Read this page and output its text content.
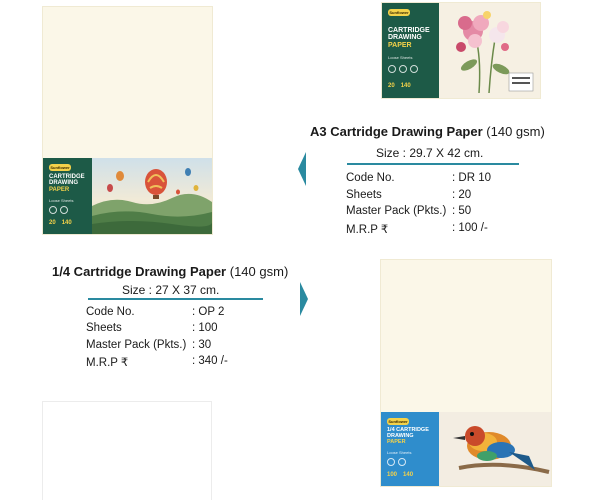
Sunflower
CARTRIDGE
DRAWING
PAPER
Loose Sheets
20 140
Sunflower
CARTRIDGE
DRAWING
PAPER
Loose Sheets
20 140
A3 Cartridge Drawing Paper (140 gsm)
Size : 29.7 X 42 cm.
Code No.	: DR 10
Sheets	: 20
Master Pack (Pkts.) : 50
M.R.P ₹	: 100 /-
1/4 Cartridge Drawing Paper (140 gsm)
Size : 27 X 37 cm.
Code No.	: OP 2
Sheets	: 100
Master Pack (Pkts.) : 30
M.R.P ₹	: 340 /-
Sunflower
1/4 CARTRIDGE
DRAWING
PAPER
Loose Sheets
100 140
